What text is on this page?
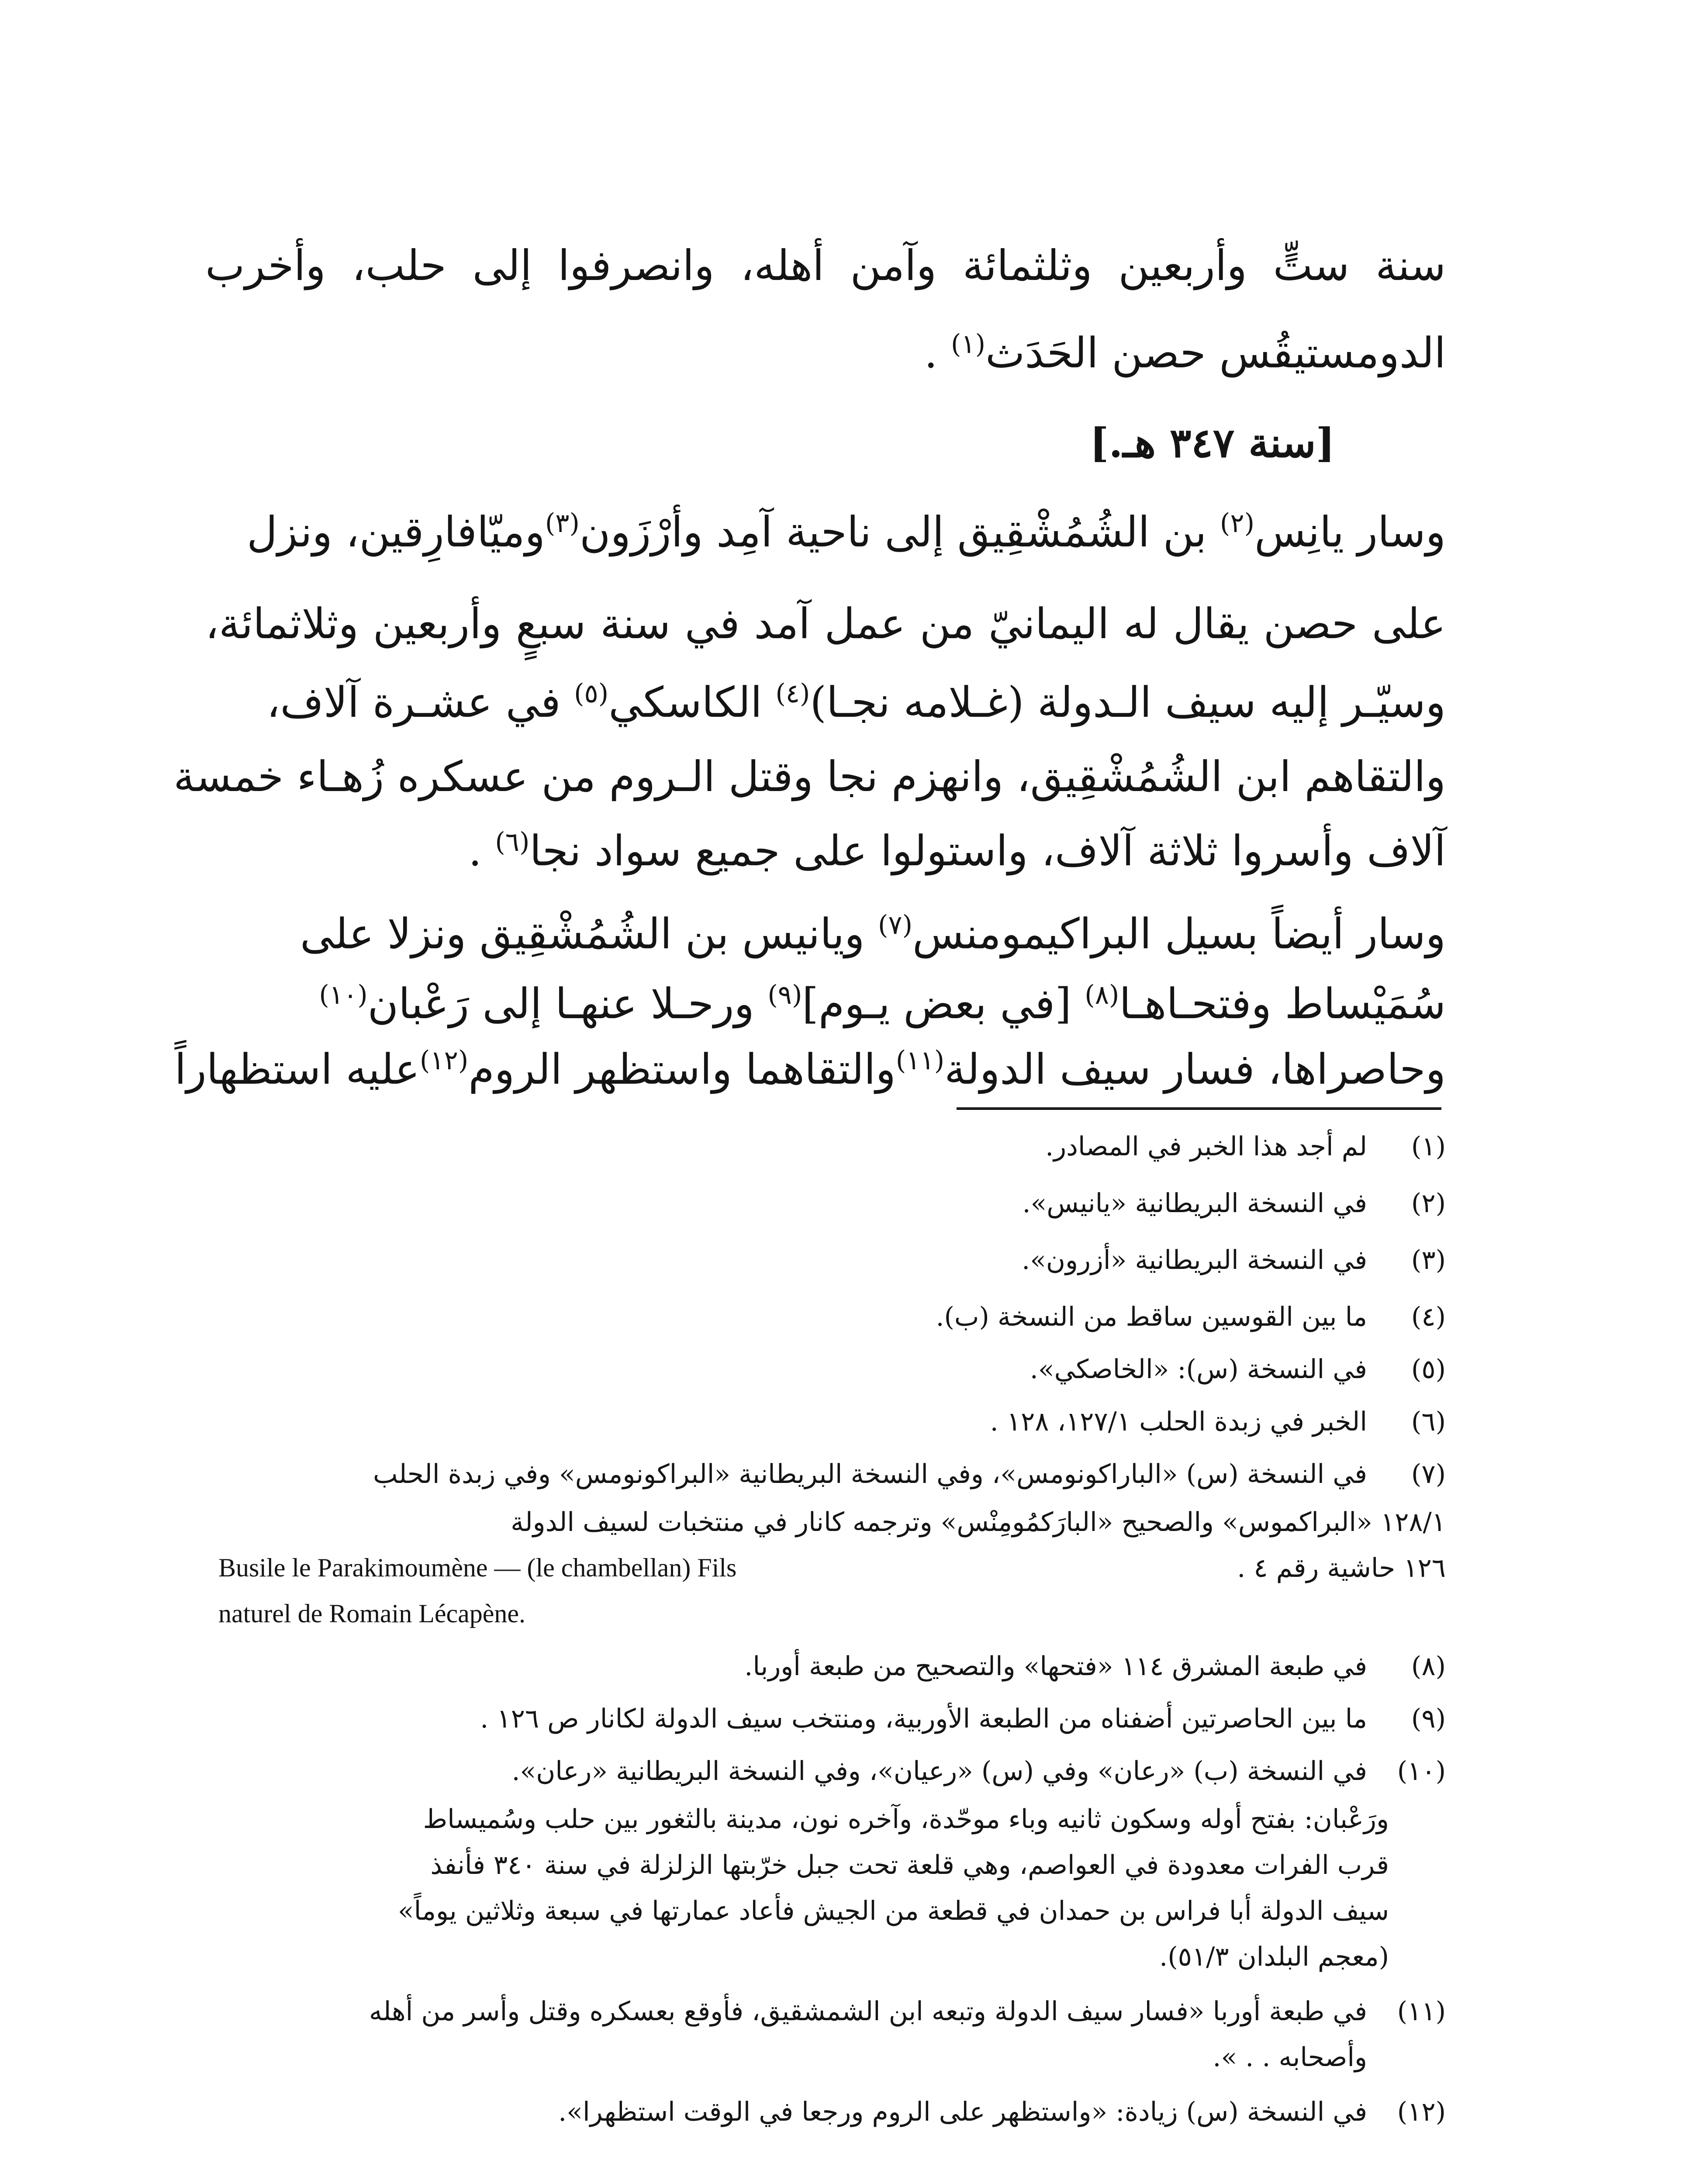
سنة ستٍّ وأربعين وثلثمائة وآمن أهله، وانصرفوا إلى حلب، وأخرب
الدومستيقُس حصن الحَدَث$^{(١)}$ .
وسار يانِس$^{(٢)}$ بن الشُمُشْقِيق إلى ناحية آمِد وأرْزَون$^{(٣)}$وميّافارِقين، ونزل
على حصن يقال له اليمانيّ من عمل آمد في سنة سبعٍ وأربعين وثلاثمائة،
وسيّـر إليه سيف الـدولة (غـلامه نجـا)$^{(٤)}$ الكاسكي$^{(٥)}$ في عشـرة آلاف،
والتقاهم ابن الشُمُشْقِيق، وانهزم نجا وقتل الـروم من عسكره زُهـاء خمسة
آلاف وأسروا ثلاثة آلاف، واستولوا على جميع سواد نجا$^{(٦)}$ .
وسار أيضاً بسيل البراكيمومنس$^{(٧)}$ ويانيس بن الشُمُشْقِيق ونزلا على
سُمَيْساط وفتحـاهـا$^{(٨)}$ [في بعض يـوم]$^{(٩)}$ ورحـلا عنهـا إلى رَعْبان$^{(١٠)}$
وحاصراها، فسار سيف الدولة$^{(١١)}$والتقاهما واستظهر الروم$^{(١٢)}$عليه استظهاراً
[سنة ٣٤٧ هـ.]
(١)لم أجد هذا الخبر في المصادر.
(٢)في النسخة البريطانية «يانيس».
(٣)في النسخة البريطانية «أزرون».
(٤)ما بين القوسين ساقط من النسخة (ب).
(٥)في النسخة (س): «الخاصكي».
(٦)الخبر في زبدة الحلب ١٢٧/١، ١٢٨ .
(٧)في النسخة (س) «الباراكونومس»، وفي النسخة البريطانية «البراكونومس» وفي زبدة الحلب
١٢٨/١ «البراكموس» والصحيح «البارَكمُومِنْس» وترجمه كانار في منتخبات لسيف الدولة
١٢٦ حاشية رقم ٤ .
Busile le Parakimoumène — (le chambellan) Fils
naturel de Romain Lécapène.
(٨)في طبعة المشرق ١١٤ «فتحها» والتصحيح من طبعة أوربا.
(٩)ما بين الحاصرتين أضفناه من الطبعة الأوربية، ومنتخب سيف الدولة لكانار ص ١٢٦ .
(١٠)في النسخة (ب) «رعان» وفي (س) «رعيان»، وفي النسخة البريطانية «رعان».
ورَعْبان: بفتح أوله وسكون ثانيه وباء موحّدة، وآخره نون، مدينة بالثغور بين حلب وسُميساط
قرب الفرات معدودة في العواصم، وهي قلعة تحت جبل خرّبتها الزلزلة في سنة ٣٤٠ فأنفذ
سيف الدولة أبا فراس بن حمدان في قطعة من الجيش فأعاد عمارتها في سبعة وثلاثين يوماً»
(معجم البلدان ٥١/٣).
(١١)في طبعة أوربا «فسار سيف الدولة وتبعه ابن الشمشقيق، فأوقع بعسكره وقتل وأسر من أهله
وأصحابه . . ».
(١٢)في النسخة (س) زيادة: «واستظهر على الروم ورجعا في الوقت استظهرا».
